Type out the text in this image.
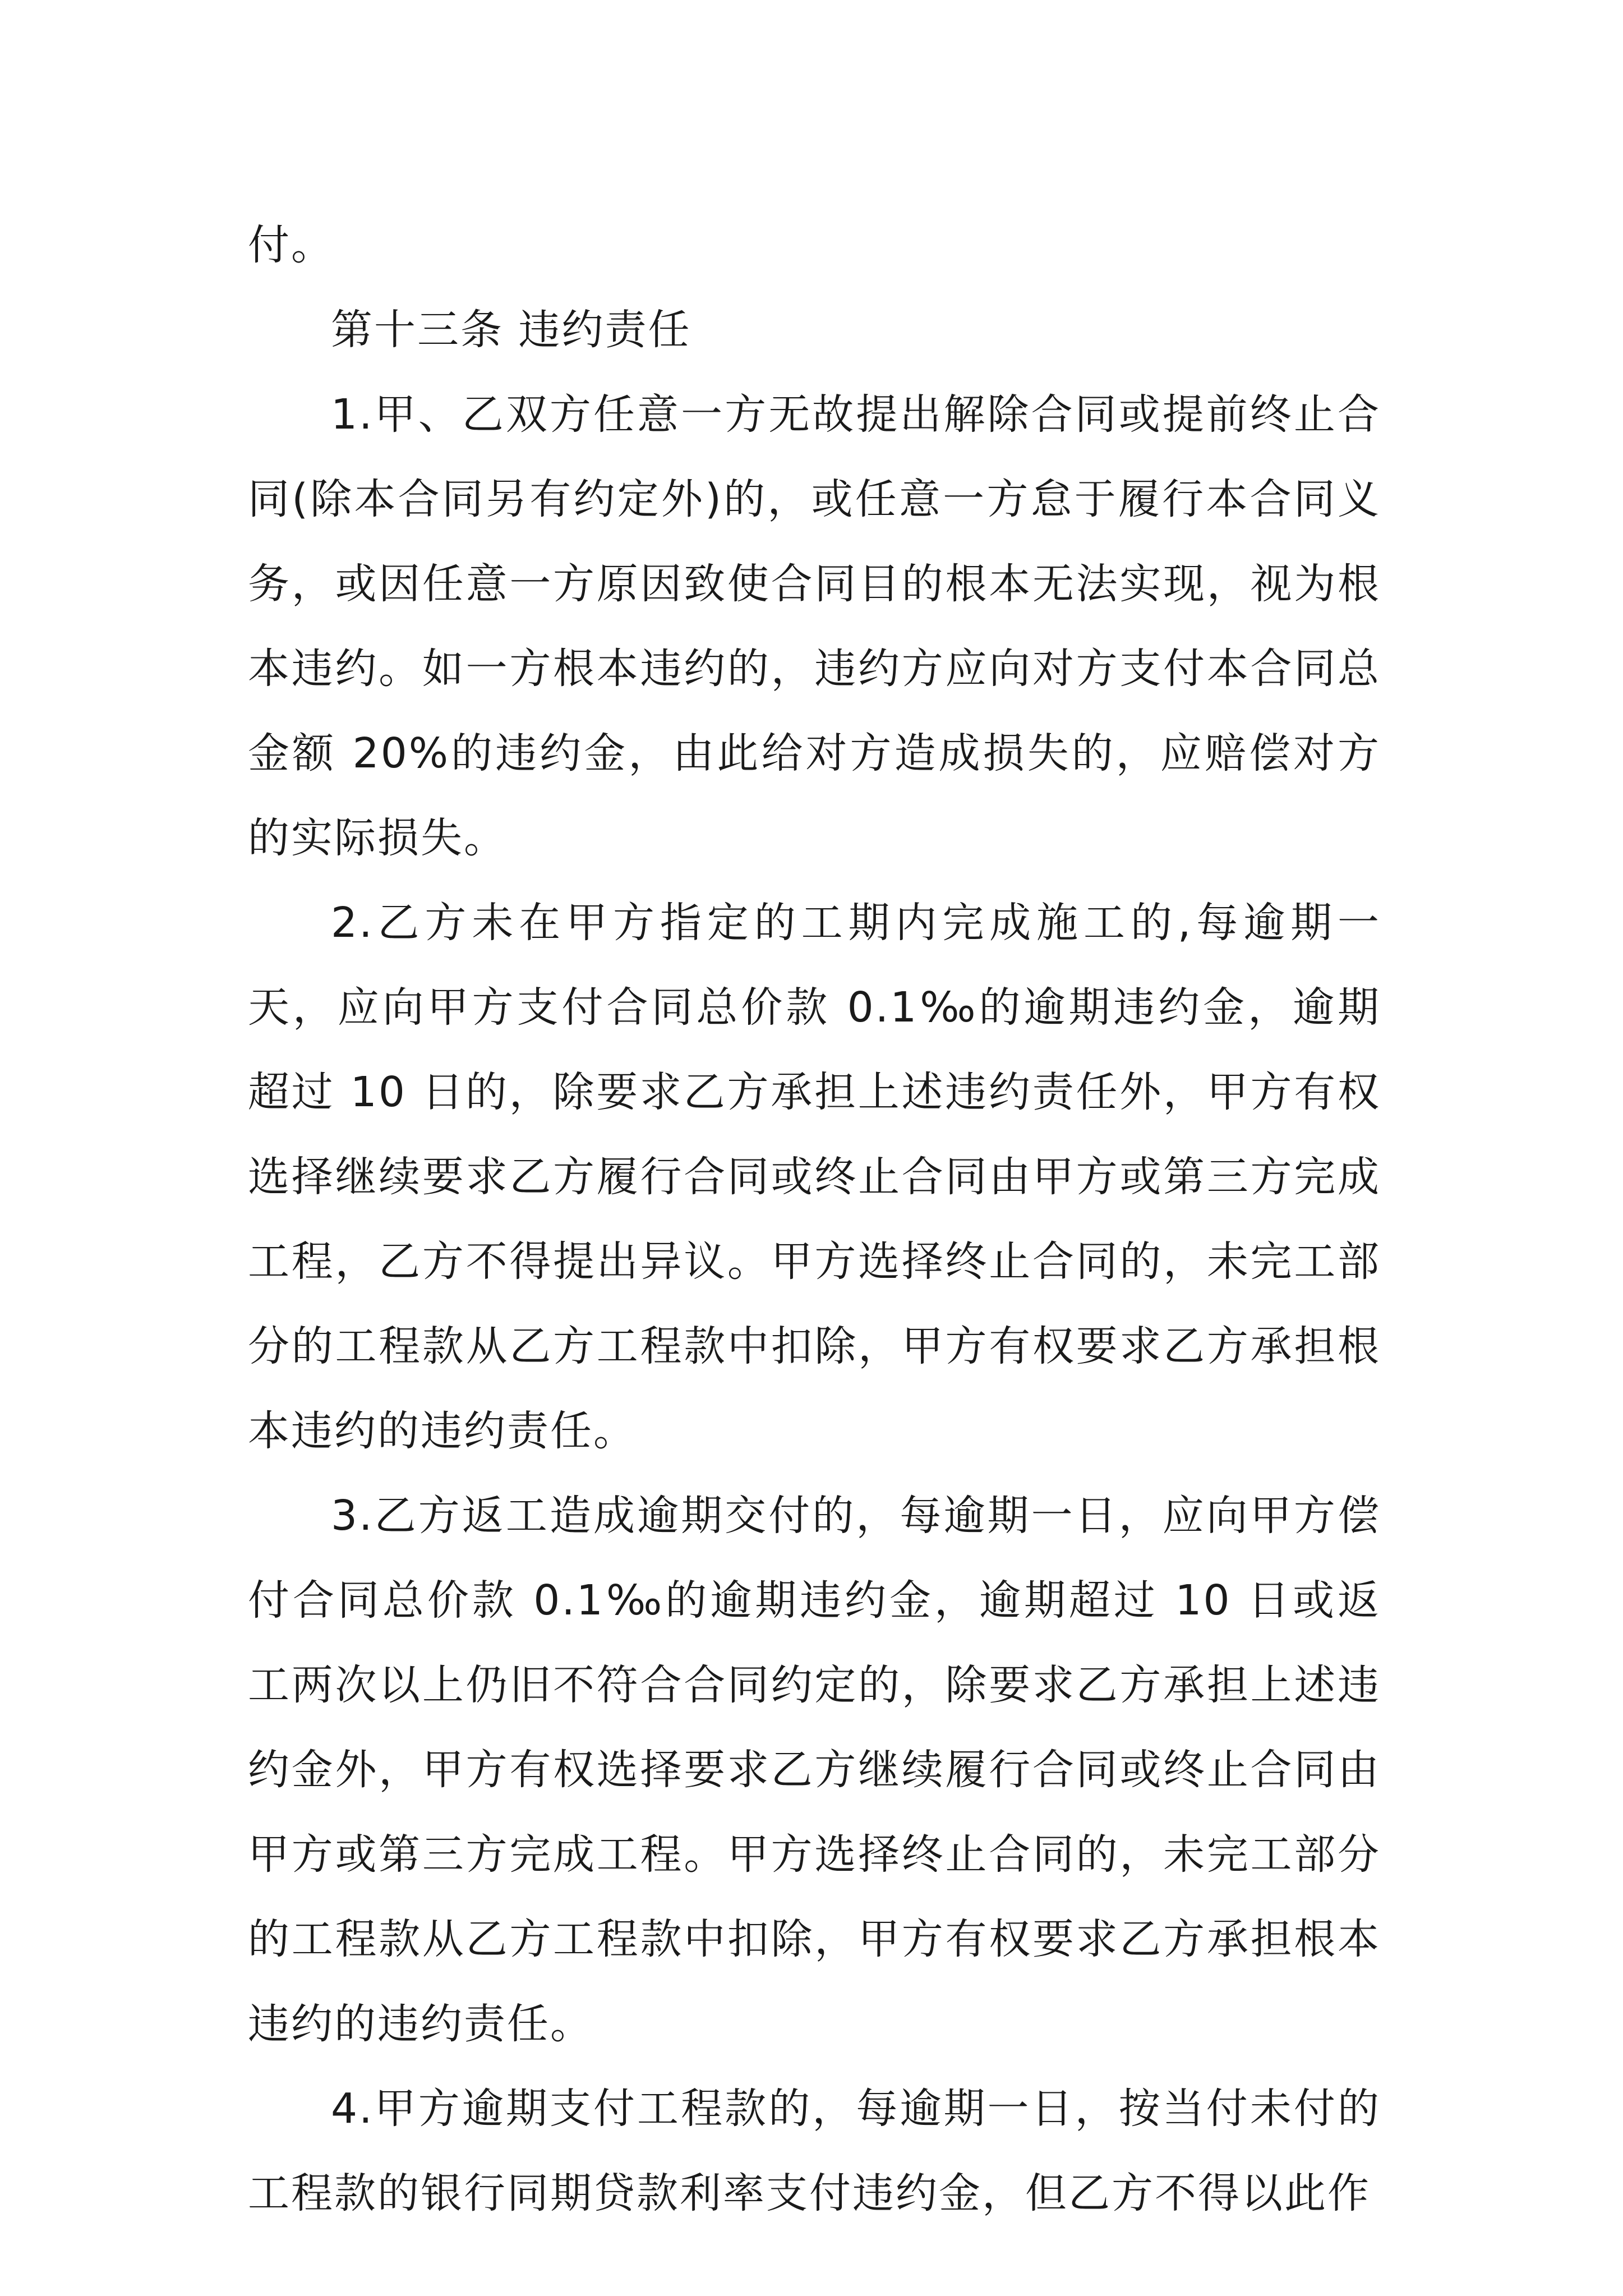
付。

第十三条 违约责任

1.甲、乙双方任意一方无故提出解除合同或提前终止合同(除本合同另有约定外)的，或任意一方怠于履行本合同义务，或因任意一方原因致使合同目的根本无法实现，视为根本违约。如一方根本违约的，违约方应向对方支付本合同总金额 20%的违约金，由此给对方造成损失的，应赔偿对方的实际损失。

2.乙方未在甲方指定的工期内完成施工的,每逾期一天，应向甲方支付合同总价款 0.1‰的逾期违约金，逾期超过 10 日的，除要求乙方承担上述违约责任外，甲方有权选择继续要求乙方履行合同或终止合同由甲方或第三方完成工程，乙方不得提出异议。甲方选择终止合同的，未完工部分的工程款从乙方工程款中扣除，甲方有权要求乙方承担根本违约的违约责任。

3.乙方返工造成逾期交付的，每逾期一日，应向甲方偿付合同总价款 0.1‰的逾期违约金，逾期超过 10 日或返工两次以上仍旧不符合合同约定的，除要求乙方承担上述违约金外，甲方有权选择要求乙方继续履行合同或终止合同由甲方或第三方完成工程。甲方选择终止合同的，未完工部分的工程款从乙方工程款中扣除，甲方有权要求乙方承担根本违约的违约责任。

4.甲方逾期支付工程款的，每逾期一日，按当付未付的工程款的银行同期贷款利率支付违约金，但乙方不得以此作
